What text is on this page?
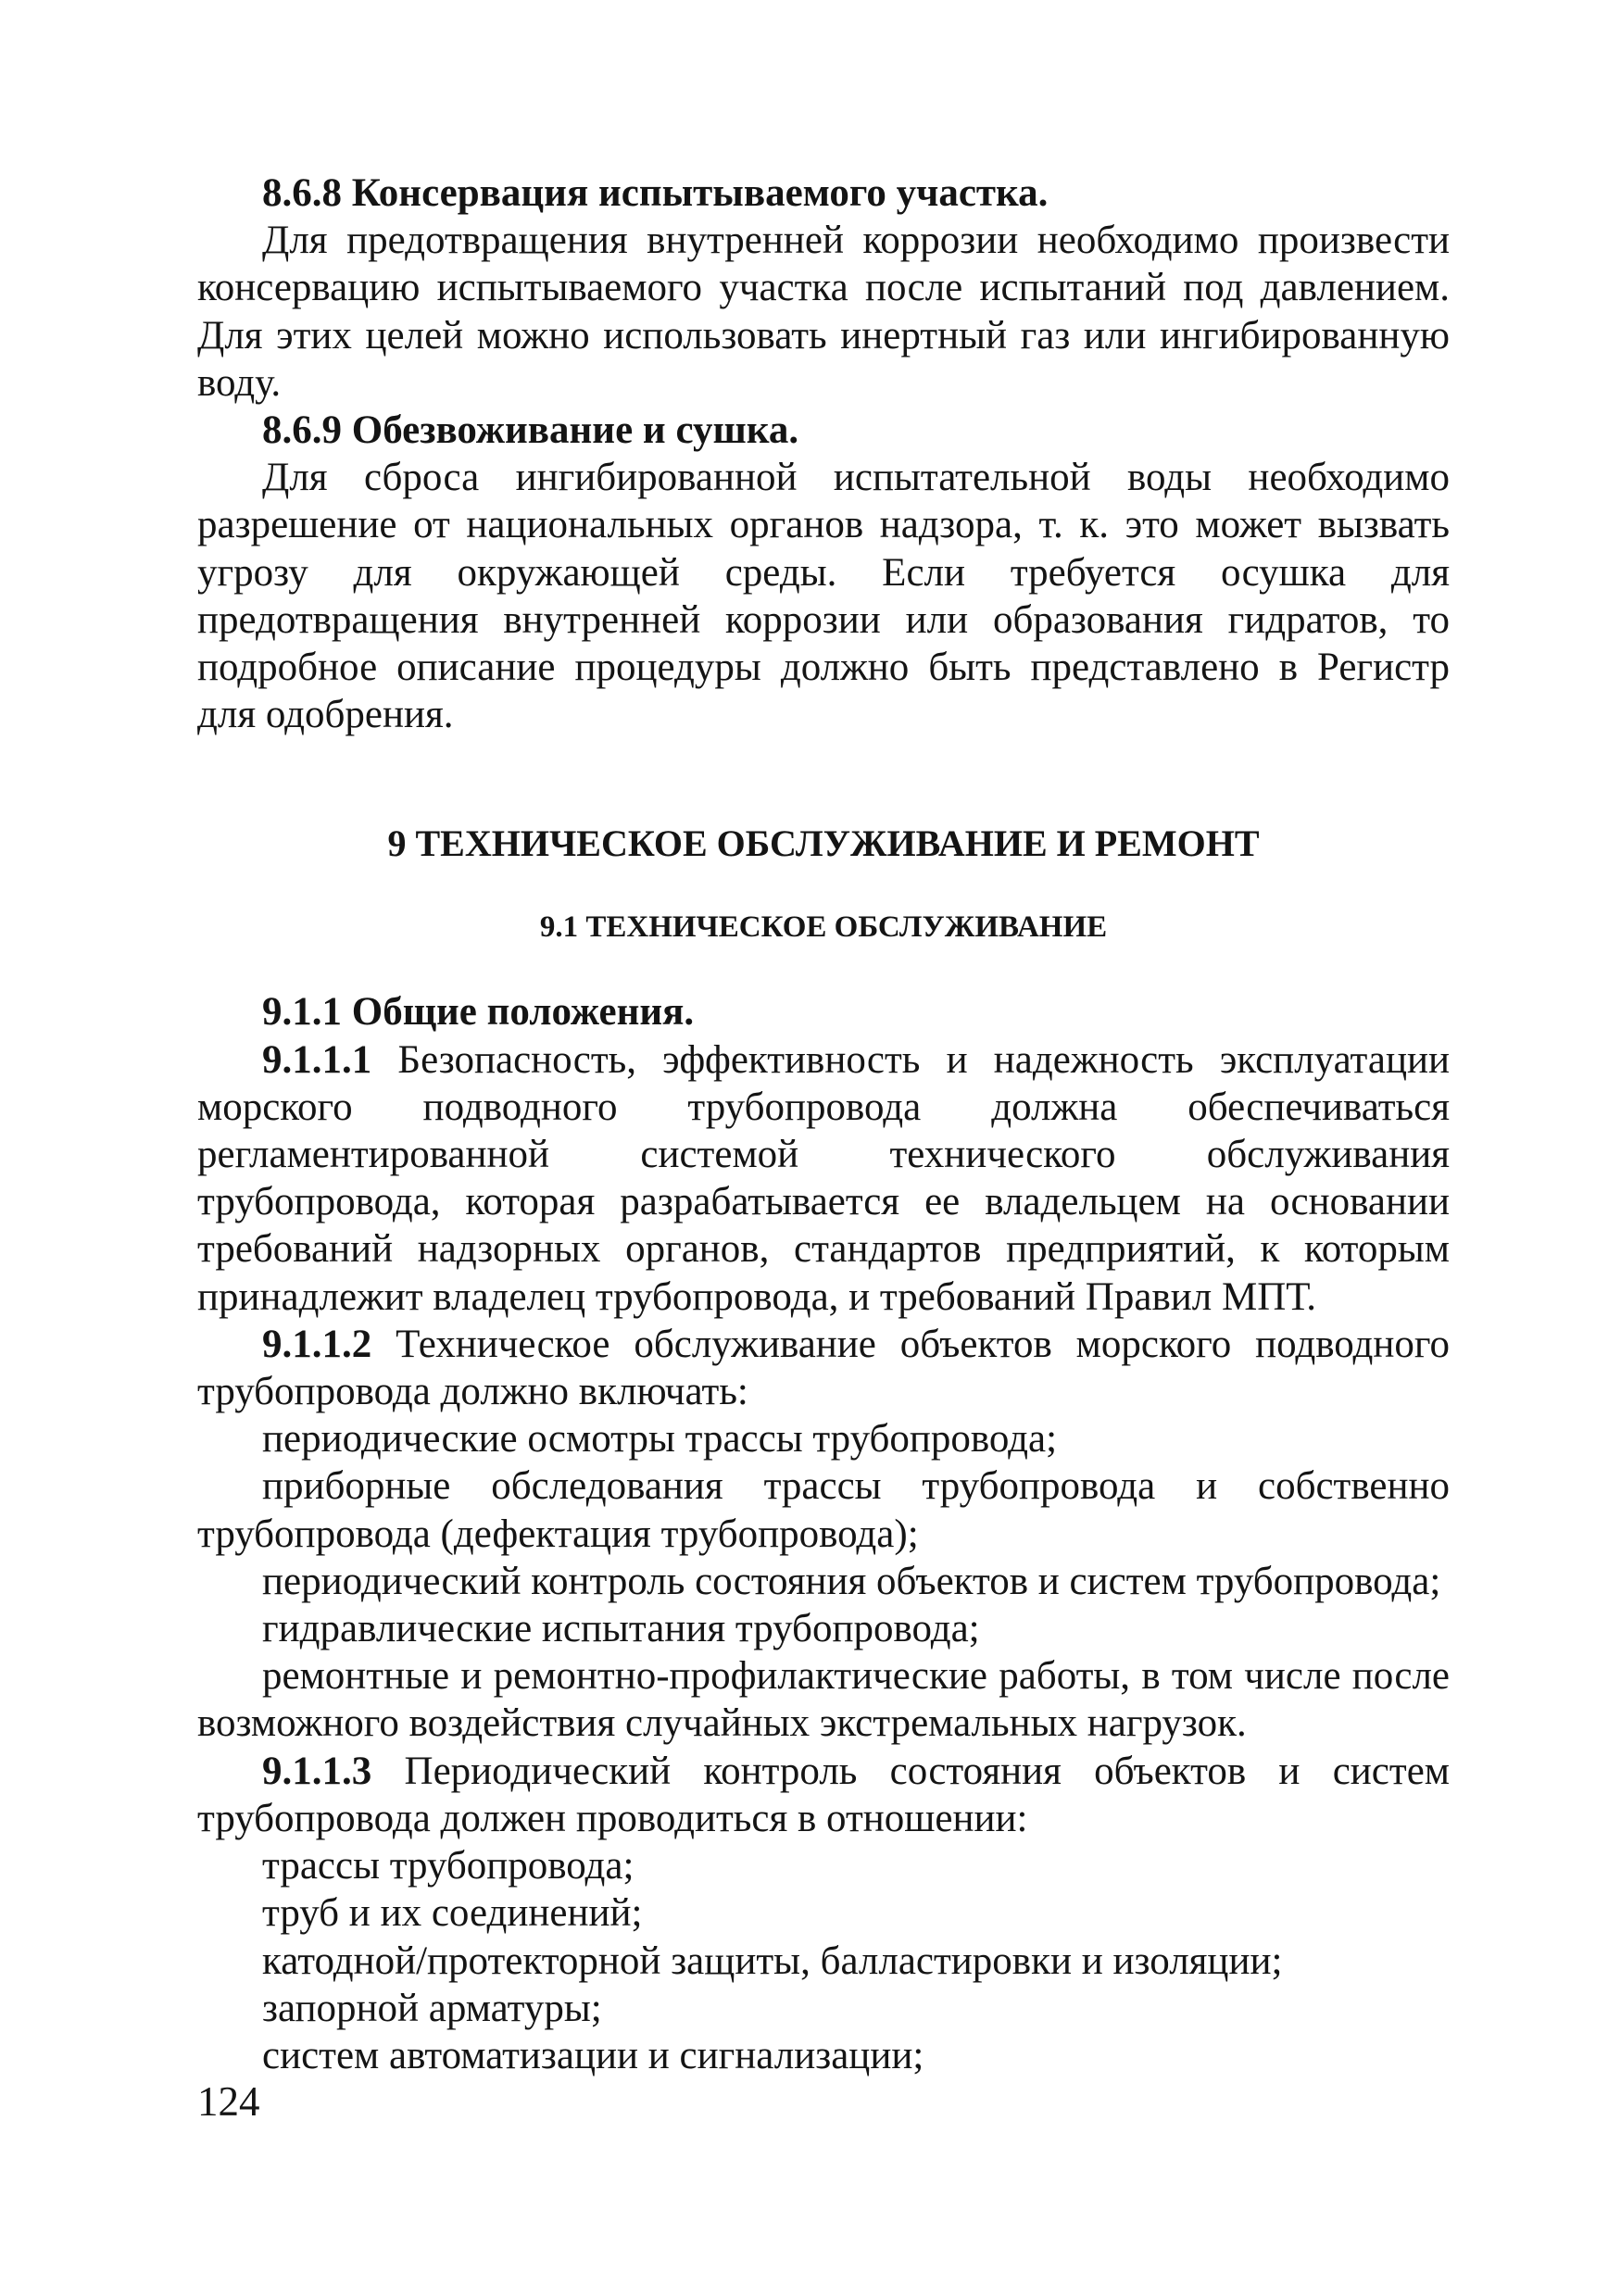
8.6.8 Консервация испытываемого участка.

Для предотвращения внутренней коррозии необходимо произвести консервацию испытываемого участка после испытаний под давлением. Для этих целей можно использовать инертный газ или ингибированную воду.

8.6.9 Обезвоживание и сушка.

Для сброса ингибированной испытательной воды необходимо разрешение от национальных органов надзора, т. к. это может вызвать угрозу для окружающей среды. Если требуется осушка для предотвращения внутренней коррозии или образования гидратов, то подробное описание процедуры должно быть представлено в Регистр для одобрения.

9 ТЕХНИЧЕСКОЕ ОБСЛУЖИВАНИЕ И РЕМОНТ

9.1 ТЕХНИЧЕСКОЕ ОБСЛУЖИВАНИЕ

9.1.1 Общие положения.

9.1.1.1 Безопасность, эффективность и надежность эксплуатации морского подводного трубопровода должна обеспечиваться регламентированной системой технического обслуживания трубопровода, которая разрабатывается ее владельцем на основании требований надзорных органов, стандартов предприятий, к которым принадлежит владелец трубопровода, и требований Правил МПТ.

9.1.1.2 Техническое обслуживание объектов морского подводного трубопровода должно включать:

периодические осмотры трассы трубопровода;

приборные обследования трассы трубопровода и собственно трубопровода (дефектация трубопровода);

периодический контроль состояния объектов и систем трубопровода;

гидравлические испытания трубопровода;

ремонтные и ремонтно-профилактические работы, в том числе после возможного воздействия случайных экстремальных нагрузок.

9.1.1.3 Периодический контроль состояния объектов и систем трубопровода должен проводиться в отношении:

трассы трубопровода;

труб и их соединений;

катодной/протекторной защиты, балластировки и изоляции;

запорной арматуры;

систем автоматизации и сигнализации;

124
